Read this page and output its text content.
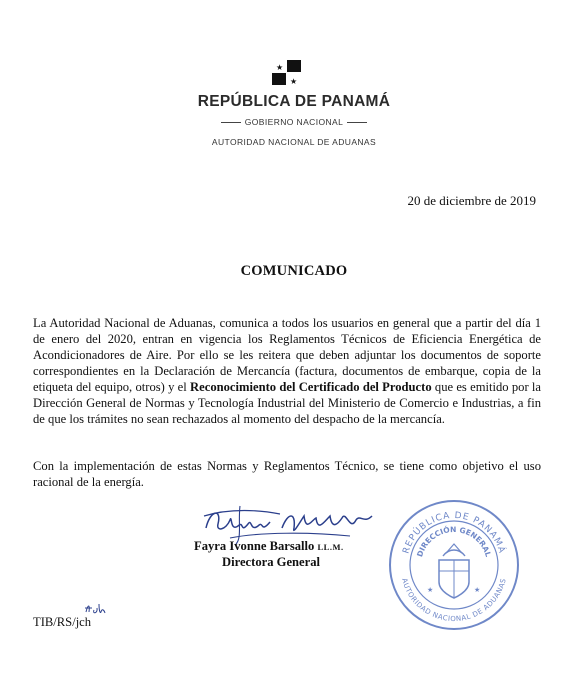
★
★
REPÚBLICA DE PANAMÁ
GOBIERNO NACIONAL
AUTORIDAD NACIONAL DE ADUANAS
20 de diciembre de 2019
COMUNICADO
La Autoridad Nacional de Aduanas, comunica a todos los usuarios en general que a partir del día 1 de enero del 2020, entran en vigencia los Reglamentos Técnicos de Eficiencia Energética de Acondicionadores de Aire. Por ello se les reitera que deben adjuntar los documentos de soporte correspondientes en la Declaración de Mercancía (factura, documentos de embarque, copia de la etiqueta del equipo, otros) y el Reconocimiento del Certificado del Producto que es emitido por la Dirección General de Normas y Tecnología Industrial del Ministerio de Comercio e Industrias, a fin de que los trámites no sean rechazados al momento del despacho de la mercancía.
Con la implementación de estas Normas y Reglamentos Técnico, se tiene como objetivo el uso racional de la energía.
Fayra Ivonne Barsallo LL.M.
Directora General
REPÚBLICA DE PANAMÁ
DIRECCIÓN GENERAL
AUTORIDAD NACIONAL DE ADUANAS
★	★
TIB/RS/jch
